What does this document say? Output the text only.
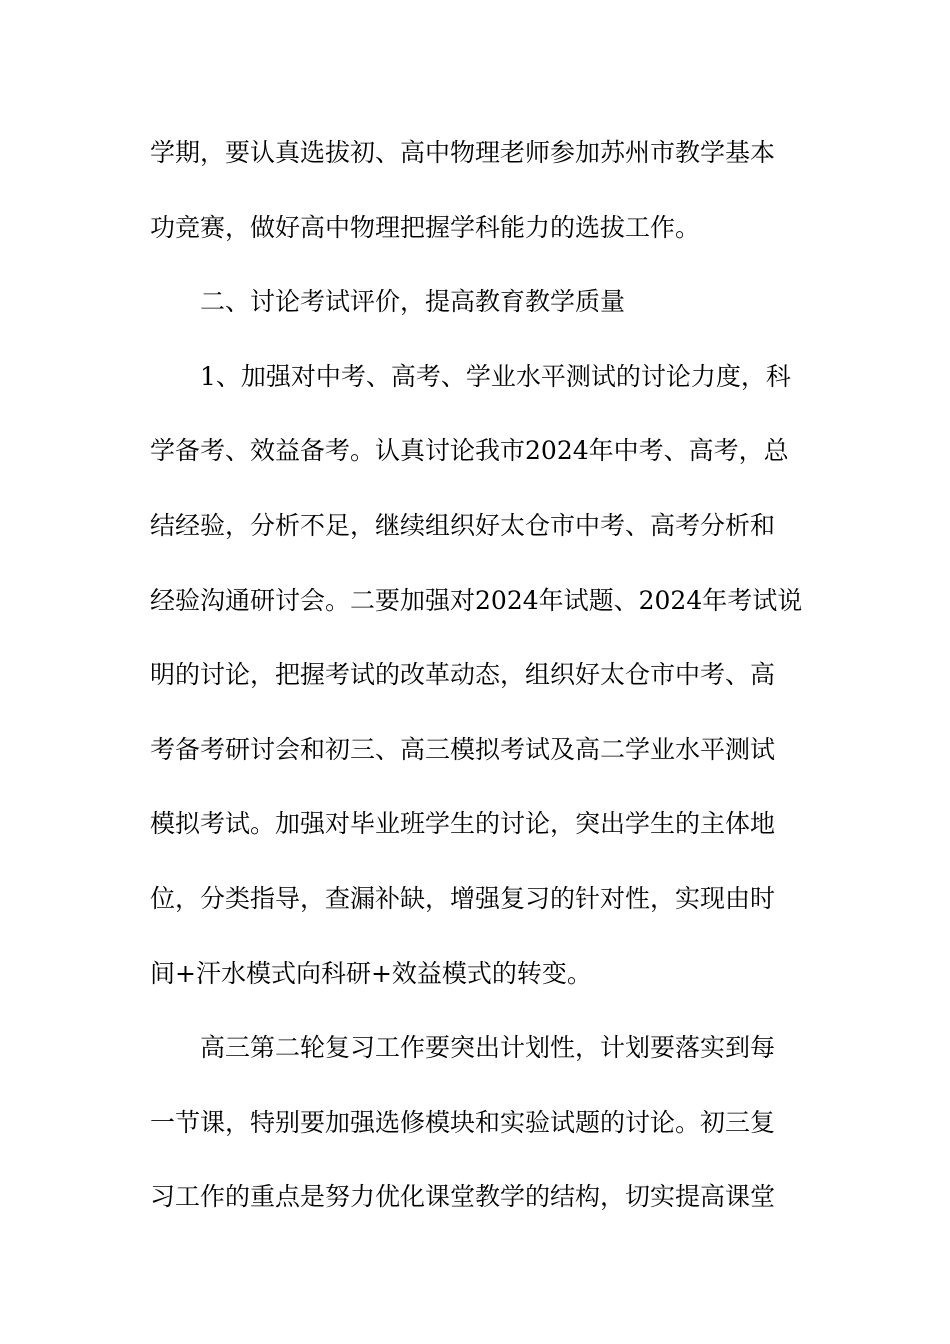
学期，要认真选拔初、高中物理老师参加苏州市教学基本
功竞赛，做好高中物理把握学科能力的选拔工作。
二、讨论考试评价，提高教育教学质量
1、加强对中考、高考、学业水平测试的讨论力度，科
学备考、效益备考。认真讨论我市2024年中考、高考，总
结经验，分析不足，继续组织好太仓市中考、高考分析和
经验沟通研讨会。二要加强对2024年试题、2024年考试说
明的讨论，把握考试的改革动态，组织好太仓市中考、高
考备考研讨会和初三、高三模拟考试及高二学业水平测试
模拟考试。加强对毕业班学生的讨论，突出学生的主体地
位，分类指导，查漏补缺，增强复习的针对性，实现由时
间+汗水模式向科研+效益模式的转变。
高三第二轮复习工作要突出计划性，计划要落实到每
一节课，特别要加强选修模块和实验试题的讨论。初三复
习工作的重点是努力优化课堂教学的结构，切实提高课堂
